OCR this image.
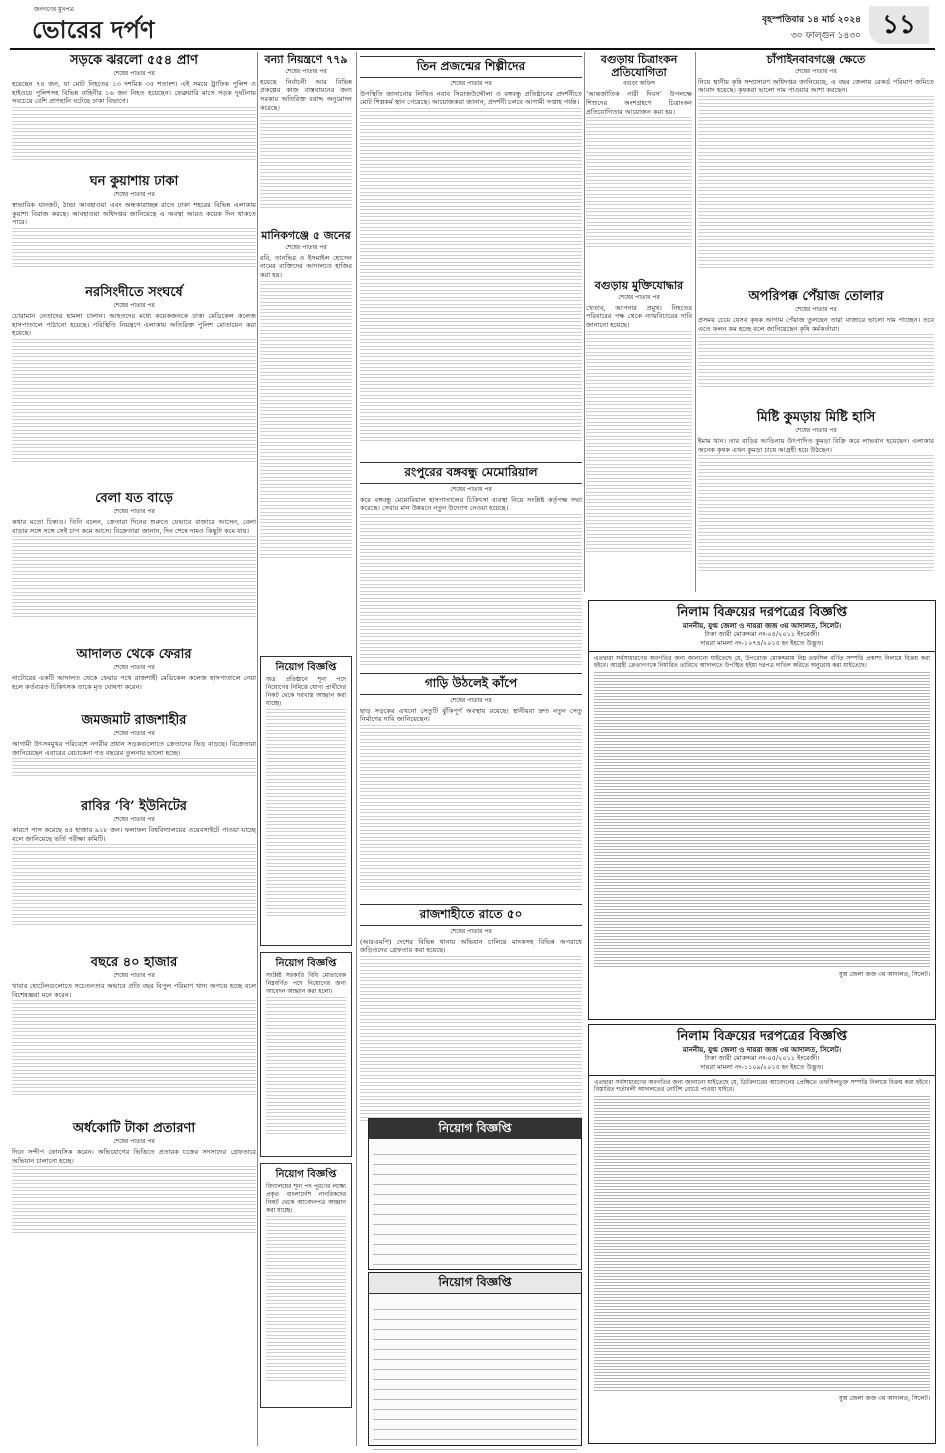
জনগণের মুখপত্র
ভোরের দর্পণ	বৃহস্পতিবার ১৪ মার্চ ২০২৪
৩০ ফাল্গুন ১৪৩০ ১১
সড়কে ঝরলো ৫৫৪ প্রাণ
শেষের পাতার পর

হয়েছেন ৭৪ জন, যা মোট নিহতের ১৩ দশমিক ৩৫ শতাংশ। এই সময়ে ট্রাফিক পুলিশ ও হাইওয়ে পুলিশসহ বিভিন্ন বাহিনীর ১৬ জন নিহত হয়েছেন। ফেব্রুয়ারি মাসে সড়ক দুর্ঘটনায় সবচেয়ে বেশি প্রাণহানি ঘটেছে ঢাকা বিভাগে।

ঘন কুয়াশায় ঢাকা
শেষের পাতার পর

স্বাভাবিক যানজট, ঠান্ডা আবহাওয়া এবং অন্ধকারাচ্ছন্ন রাতে ঢাকা শহরের বিভিন্ন এলাকায় কুয়াশা বিরাজ করছে। আবহাওয়া অধিদপ্তর জানিয়েছে এ অবস্থা আরও কয়েক দিন থাকতে পারে।

নরসিংদীতে সংঘর্ষে
শেষের পাতার পর

চোরামান নেতাদের হামলা চালান। আহতদের মধ্যে কয়েকজনকে ঢাকা মেডিকেল কলেজ হাসপাতালে পাঠানো হয়েছে। পরিস্থিতি নিয়ন্ত্রণে এলাকায় অতিরিক্ত পুলিশ মোতায়েন করা হয়েছে।

বেলা যত বাড়ে
শেষের পাতার পর

কথার মতো চিন্তাও। তিনি বলেন, ক্রেতারা দিনের শুরুতে যেভাবে বাজারে আসেন, বেলা বাড়ার সঙ্গে সঙ্গে সেই চাপ কমে আসে। বিক্রেতারা জানান, দিন শেষে দামও কিছুটা কমে যায়।

আদালত থেকে ফেরার
শেষের পাতার পর

নাটোরের একটি আদালত থেকে ফেরার পথে রাজশাহী মেডিকেল কলেজ হাসপাতালে নেয়া হলে কর্তব্যরত চিকিৎসক তাকে মৃত ঘোষণা করেন।

জমজমাট রাজশাহীর
শেষের পাতার পর

আগামী উৎসবমুখর পরিবেশে নগরীর প্রধান সড়কগুলোতে ক্রেতাদের ভিড় বাড়ছে। বিক্রেতারা জানিয়েছেন এবারের বেচাকেনা গত বছরের তুলনায় ভালো হচ্ছে।

রাবির ‘বি’ ইউনিটের
শেষের পাতার পর

কারণে পাস করেছে ৪৫ হাজার ৯১৮ জন। ফলাফল বিশ্ববিদ্যালয়ের ওয়েবসাইটে পাওয়া যাচ্ছে বলে জানিয়েছে ভর্তি পরীক্ষা কমিটি।

বছরে ৪০ হাজার
শেষের পাতার পর

খাবার হোটেলগুলোতে সচেতনতার অভাবে প্রতি বছর বিপুল পরিমাণ খাদ্য অপচয় হচ্ছে বলে বিশেষজ্ঞরা মনে করেন।

অর্ধকোটি টাকা প্রতারণা
শেষের পাতার পর

দিনে সন্দীপ ফোনসিক করেন। অভিযোগের ভিত্তিতে প্রতারক চক্রের সদস্যদের গ্রেফতারে অভিযান চালানো হচ্ছে।

বন্যা নিয়ন্ত্রণে ৭৭৯
শেষের পাতার পর

হয়েছে নির্বাচনী আর বিভিন্ন প্রকল্পের কাজ বাস্তবায়নের জন্য সরকার অতিরিক্ত বরাদ্দ অনুমোদন করেছে।

মানিকগঞ্জে ৫ জনের
শেষের পাতার পর

রবি, তানভির ও ইসমাইল হোসেন নামের ব্যক্তিদের আদালতে হাজির করা হয়।

নিয়োগ বিজ্ঞপ্তি

অত্র প্রতিষ্ঠানে শূন্য পদে নিয়োগের নিমিত্তে যোগ্য প্রার্থীদের নিকট থেকে দরখাস্ত আহ্বান করা যাচ্ছে।

নিয়োগ বিজ্ঞপ্তি

সংশ্লিষ্ট সরকারি বিধি মোতাবেক নিম্নবর্ণিত পদে নিয়োগের জন্য আবেদন আহ্বান করা হলো।

নিয়োগ বিজ্ঞপ্তি

বিদ্যালয়ের শূন্য পদ পূরণের লক্ষ্যে প্রকৃত বাংলাদেশি নাগরিকদের নিকট থেকে আবেদনপত্র আহ্বান করা যাচ্ছে।

তিন প্রজন্মের শিল্পীদের
শেষের পাতার পর

উপস্থিতি জানানোর লিখিত নবাব সিরাজউদ্দৌলা ও বঙ্গবন্ধু প্রতিষ্ঠানের প্রদর্শনীতে মোট শিল্পকর্ম স্থান পেয়েছে। আয়োজকরা জানান, প্রদর্শনী চলবে আগামী সপ্তাহ পর্যন্ত।

রংপুরের বঙ্গবন্ধু মেমোরিয়াল
শেষের পাতার পর

করে বঙ্গবন্ধু মেমোরিয়াল হাসপাতালের চিকিৎসা ব্যবস্থা নিয়ে সংশ্লিষ্ট কর্তৃপক্ষ সভা করেছে। সেবার মান উন্নয়নে নতুন উদ্যোগ নেওয়া হয়েছে।

গাড়ি উঠলেই কাঁপে
শেষের পাতার পর

ছাড় সড়কের এখনো সেতুটি ঝুঁকিপূর্ণ অবস্থায় রয়েছে। স্থানীয়রা দ্রুত নতুন সেতু নির্মাণের দাবি জানিয়েছেন।

রাজশাহীতে রাতে ৫০
শেষের পাতার পর

(আরএমপি) দেশের বিভিন্ন থানায় অভিযান চালিয়ে মাদকসহ বিভিন্ন অপরাধে জড়িতদের গ্রেফতার করা হয়েছে।

নিয়োগ বিজ্ঞপ্তি
নিয়োগ বিজ্ঞপ্তি
বগুড়ায় চিত্রাংকন প্রতিযোগিতা
বগুড়া অফিস

‘আন্তর্জাতিক নারী দিবস’ উপলক্ষে শিশুদের অংশগ্রহণে চিত্রাংকন প্রতিযোগিতার আয়োজন করা হয়।

বগুড়ায় মুক্তিযোদ্ধার
শেষের পাতার পর

খেতাব, আপনার প্রমুখ। নিহতের পরিবারের পক্ষ থেকে ন্যায়বিচারের দাবি জানানো হয়েছে।

চাঁপাইনবাবগঞ্জে ক্ষেতে
শেষের পাতার পর

নিয়ে স্থানীয় কৃষি সম্প্রসারণ অধিদপ্তর জানিয়েছে, এ বছর জেলায় রেকর্ড পরিমাণ জমিতে আবাদ হয়েছে। কৃষকরা ভালো দাম পাওয়ার আশা করছেন।

অপরিপক্ক পেঁয়াজ তোলার
শেষের পাতার পর

প্রসময় চেয়ে যেসব কৃষক আগাম পেঁয়াজ তুলছেন তারা বাজারে ভালো দাম পাচ্ছেন। তবে এতে ফলন কম হচ্ছে বলে জানিয়েছেন কৃষি কর্মকর্তারা।

মিষ্টি কুমড়ায় মিষ্টি হাসি
শেষের পাতার পর

ইমাম খান। তার বাড়ির আঙিনায় উৎপাদিত কুমড়া বিক্রি করে লাভবান হয়েছেন। এলাকার অনেক কৃষক এখন কুমড়া চাষে আগ্রহী হয়ে উঠছেন।

নিলাম বিক্রয়ের দরপত্রের বিজ্ঞপ্তি
মাননীয়, যুগ্ম জেলা ও দায়রা জজ ৩য় আদালত, সিলেট।
টাকা জারী মোকদ্দমা নং-০৪/২০১১ ইংরেজী।
দায়রা মামলা নং-১০৭৪/২০১৫ হং ইহতে উদ্ভূত।

এতদ্বারা সর্বসাধারণের অবগতির জন্য জানানো যাইতেছে যে, উপরোক্ত মোকদ্দমায় নিম্ন তফসিল বর্ণিত সম্পত্তি প্রকাশ্য নিলামে বিক্রয় করা হইবে। আগ্রহী ক্রেতাগণকে নির্ধারিত তারিখে আদালতে উপস্থিত হইয়া দরপত্র দাখিল করিতে অনুরোধ করা যাইতেছে।

যুগ্ম জেলা জজ ৩য় আদালত, সিলেট।
নিলাম বিক্রয়ের দরপত্রের বিজ্ঞপ্তি
মাননীয়, যুগ্ম জেলা ও দায়রা জজ ৩য় আদালত, সিলেট।
টাকা জারী মোকদ্দমা নং-০৫/২০১১ ইংরেজী।
দায়রা মামলা নং-১১০৯/২০১৫ হং ইহতে উদ্ভূত।

এতদ্বারা সর্বসাধারণের অবগতির জন্য জানানো যাইতেছে যে, ডিক্রিদারের আবেদনের প্রেক্ষিতে তফসিলভুক্ত সম্পত্তি নিলামে বিক্রয় করা হইবে। বিস্তারিত শর্তাবলী আদালতের নোটিশ বোর্ডে পাওয়া যাইবে।

যুগ্ম জেলা জজ ৩য় আদালত, সিলেট।
